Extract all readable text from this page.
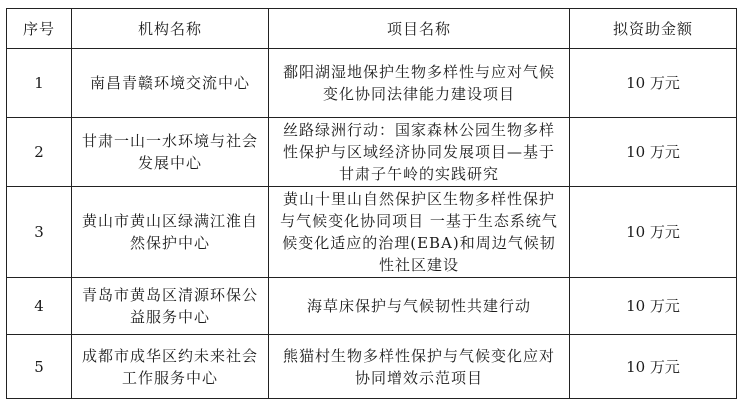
序号	机构名称	项目名称	拟资助金额
1	南昌青赣环境交流中心	鄱阳湖湿地保护生物多样性与应对气候变化协同法律能力建设项目	10 万元
2	甘肃一山一水环境与社会发展中心	丝路绿洲行动：国家森林公园生物多样性保护与区域经济协同发展项目—基于甘肃子午岭的实践研究	10 万元
3	黄山市黄山区绿满江淮自然保护中心	黄山十里山自然保护区生物多样性保护与气候变化协同项目 一基于生态系统气候变化适应的治理(EBA)和周边气候韧性社区建设	10 万元
4	青岛市黄岛区清源环保公益服务中心	海草床保护与气候韧性共建行动	10 万元
5	成都市成华区约未来社会工作服务中心	熊猫村生物多样性保护与气候变化应对协同增效示范项目	10 万元
